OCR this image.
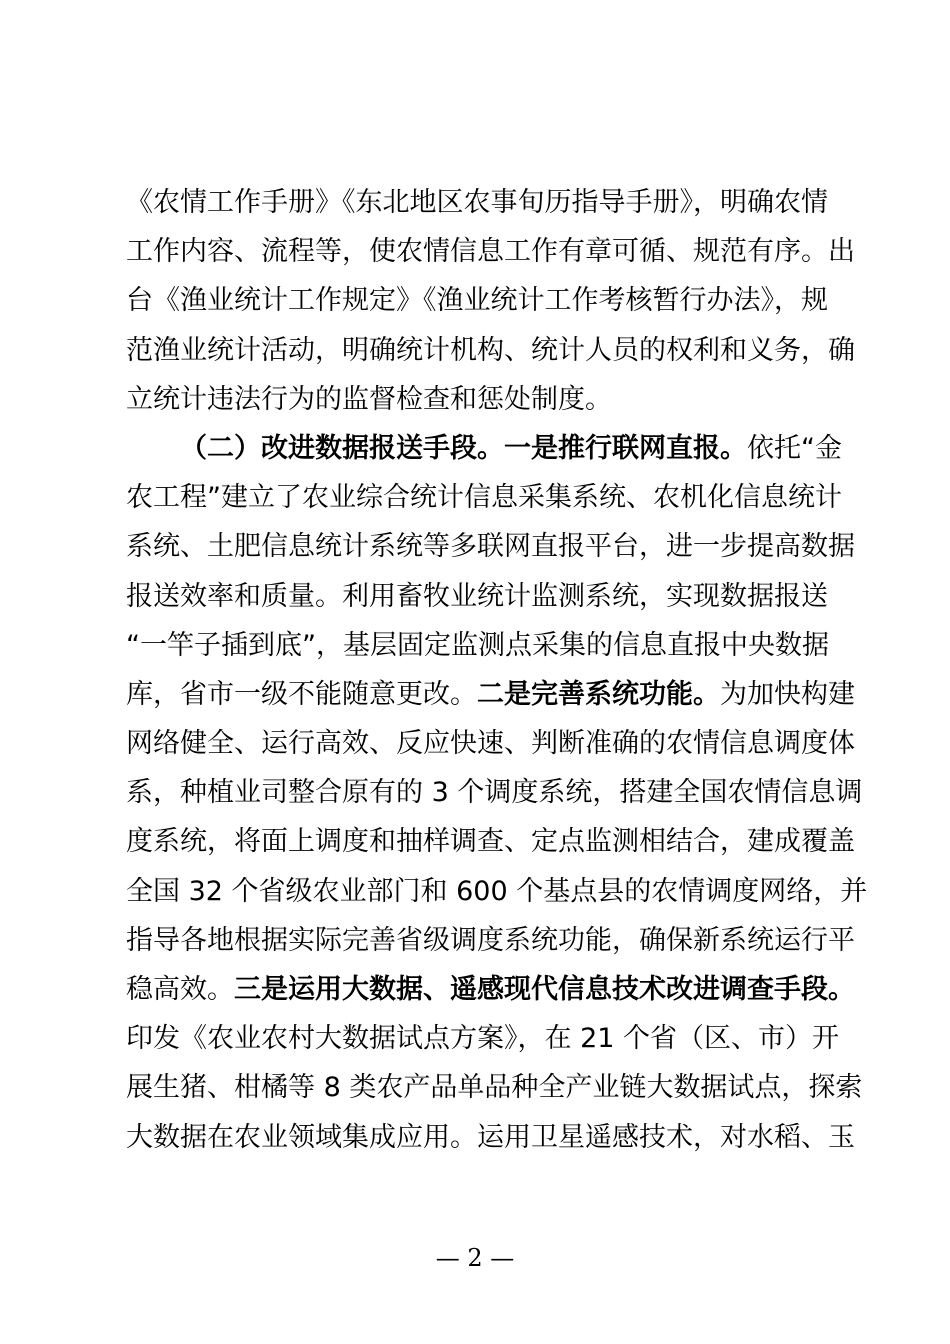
《农情工作手册》《东北地区农事旬历指导手册》，明确农情
工作内容、流程等，使农情信息工作有章可循、规范有序。出
台《渔业统计工作规定》《渔业统计工作考核暂行办法》，规
范渔业统计活动，明确统计机构、统计人员的权利和义务，确
立统计违法行为的监督检查和惩处制度。
（二）改进数据报送手段。一是推行联网直报。依托“金
农工程”建立了农业综合统计信息采集系统、农机化信息统计
系统、土肥信息统计系统等多联网直报平台，进一步提高数据
报送效率和质量。利用畜牧业统计监测系统，实现数据报送
“一竿子插到底”，基层固定监测点采集的信息直报中央数据
库，省市一级不能随意更改。二是完善系统功能。为加快构建
网络健全、运行高效、反应快速、判断准确的农情信息调度体
系，种植业司整合原有的 3 个调度系统，搭建全国农情信息调
度系统，将面上调度和抽样调查、定点监测相结合，建成覆盖
全国 32 个省级农业部门和 600 个基点县的农情调度网络，并
指导各地根据实际完善省级调度系统功能，确保新系统运行平
稳高效。三是运用大数据、遥感现代信息技术改进调查手段。
印发《农业农村大数据试点方案》，在 21 个省（区、市）开
展生猪、柑橘等 8 类农产品单品种全产业链大数据试点，探索
大数据在农业领域集成应用。运用卫星遥感技术，对水稻、玉
— 2 —
